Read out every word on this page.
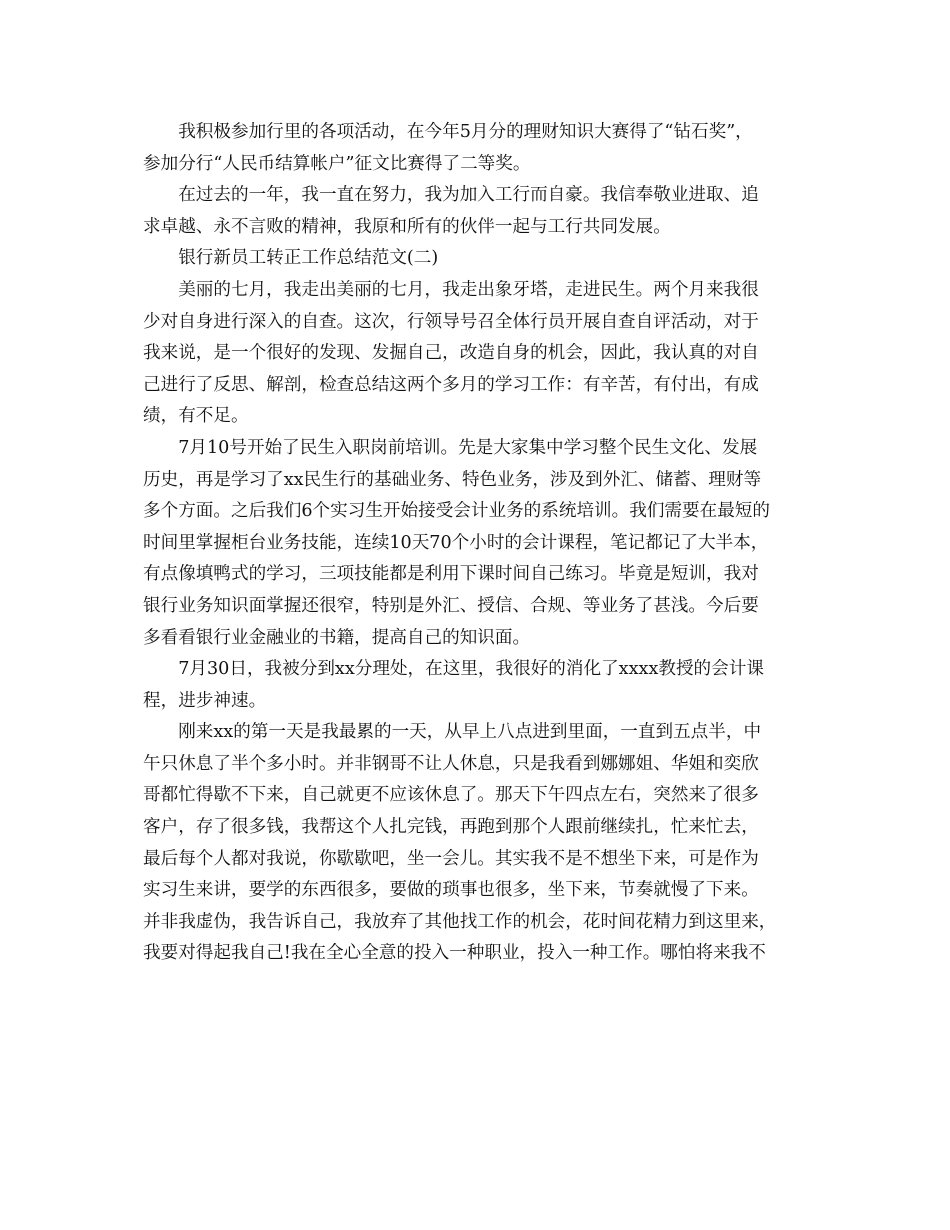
我积极参加行里的各项活动，在今年5月分的理财知识大赛得了“钻石奖”，
参加分行“人民币结算帐户”征文比赛得了二等奖。
在过去的一年，我一直在努力，我为加入工行而自豪。我信奉敬业进取、追
求卓越、永不言败的精神，我原和所有的伙伴一起与工行共同发展。
银行新员工转正工作总结范文(二)
美丽的七月，我走出美丽的七月，我走出象牙塔，走进民生。两个月来我很
少对自身进行深入的自查。这次，行领导号召全体行员开展自查自评活动，对于
我来说，是一个很好的发现、发掘自己，改造自身的机会，因此，我认真的对自
己进行了反思、解剖，检查总结这两个多月的学习工作：有辛苦，有付出，有成
绩，有不足。
7月10号开始了民生入职岗前培训。先是大家集中学习整个民生文化、发展
历史，再是学习了xx民生行的基础业务、特色业务，涉及到外汇、储蓄、理财等
多个方面。之后我们6个实习生开始接受会计业务的系统培训。我们需要在最短的
时间里掌握柜台业务技能，连续10天70个小时的会计课程，笔记都记了大半本，
有点像填鸭式的学习，三项技能都是利用下课时间自己练习。毕竟是短训，我对
银行业务知识面掌握还很窄，特别是外汇、授信、合规、等业务了甚浅。今后要
多看看银行业金融业的书籍，提高自己的知识面。
7月30日，我被分到xx分理处，在这里，我很好的消化了xxxx教授的会计课
程，进步神速。
刚来xx的第一天是我最累的一天，从早上八点进到里面，一直到五点半，中
午只休息了半个多小时。并非钢哥不让人休息，只是我看到娜娜姐、华姐和奕欣
哥都忙得歇不下来，自己就更不应该休息了。那天下午四点左右，突然来了很多
客户，存了很多钱，我帮这个人扎完钱，再跑到那个人跟前继续扎，忙来忙去，
最后每个人都对我说，你歇歇吧，坐一会儿。其实我不是不想坐下来，可是作为
实习生来讲，要学的东西很多，要做的琐事也很多，坐下来，节奏就慢了下来。
并非我虚伪，我告诉自己，我放弃了其他找工作的机会，花时间花精力到这里来，
我要对得起我自己!我在全心全意的投入一种职业，投入一种工作。哪怕将来我不
